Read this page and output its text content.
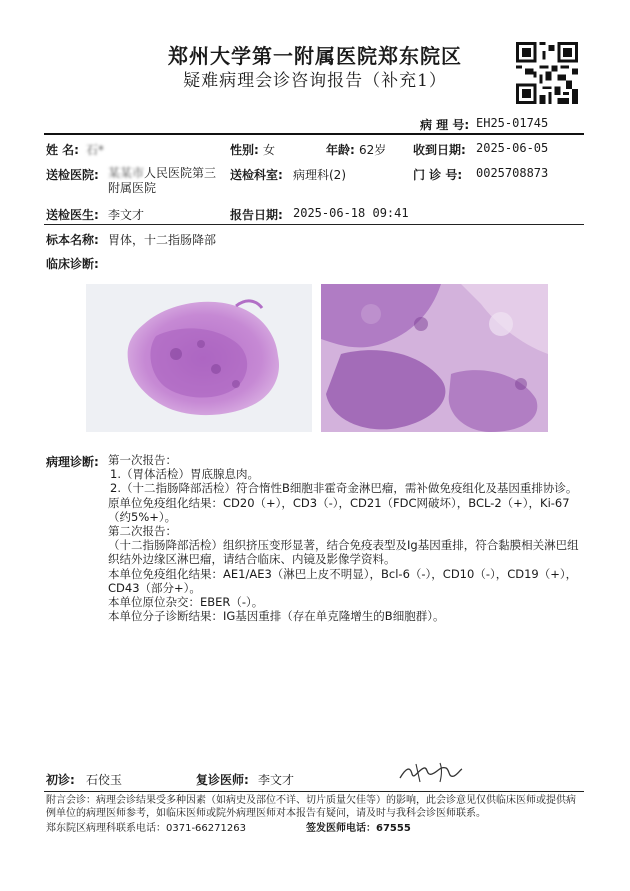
郑州大学第一附属医院郑东院区
疑难病理会诊咨询报告（补充1）
病 理 号: EH25-01745
姓 名: 石*	性别: 女	年龄: 62岁 收到日期: 2025-06-05
送检医院: 某某市人民医院第三附属医院
送检科室: 病理科(2)	门 诊 号: 0025708873
送检医生: 李文才	报告日期: 2025-06-18 09:41
标本名称: 胃体，十二指肠降部
临床诊断:
病理诊断: 第一次报告：
1.（胃体活检）胃底腺息肉。
2.（十二指肠降部活检）符合惰性B细胞非霍奇金淋巴瘤，需补做免疫组化及基因重排协诊。
原单位免疫组化结果：CD20（+），CD3（-），CD21（FDC网破坏），BCL-2（+），Ki-67（约5%+）。
第二次报告：
（十二指肠降部活检）组织挤压变形显著，结合免疫表型及Ig基因重排，符合黏膜相关淋巴组织结外边缘区淋巴瘤，请结合临床、内镜及影像学资料。
本单位免疫组化结果：AE1/AE3（淋巴上皮不明显），Bcl-6（-），CD10（-），CD19（+），CD43（部分+）。
本单位原位杂交：EBER（-）。
本单位分子诊断结果：IG基因重排（存在单克隆增生的B细胞群）。
初诊: 石佼玉	复诊医师: 李文才
附言会诊：病理会诊结果受多种因素（如病史及部位不详、切片质量欠佳等）的影响，此会诊意见仅供临床医师或提供病例单位的病理医师参考，如临床医师或院外病理医师对本报告有疑问，请及时与我科会诊医师联系。
郑东院区病理科联系电话：0371-66271263	签发医师电话：67555
